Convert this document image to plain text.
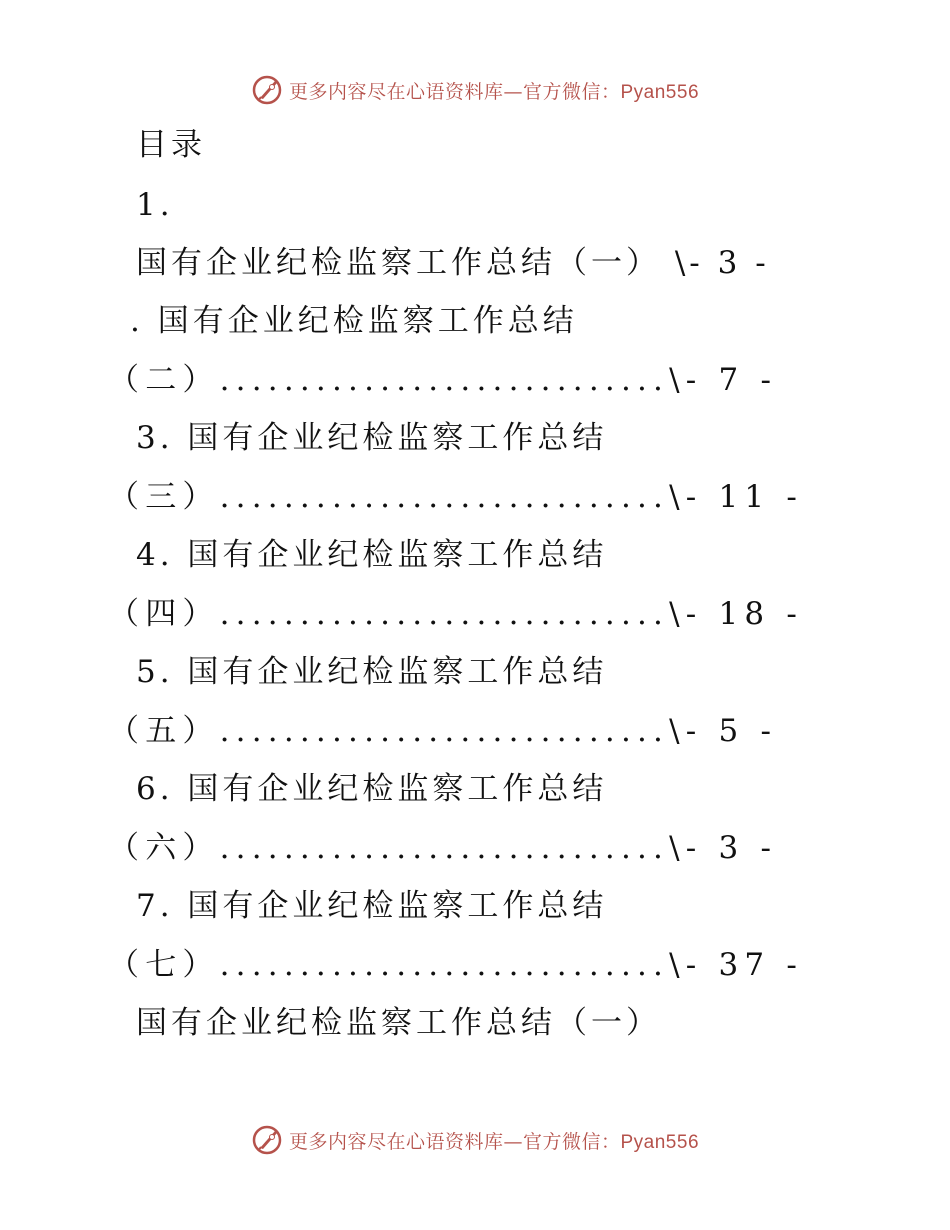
更多内容尽在心语资料库—官方微信：Pyan556
目录
1.
国有企业纪检监察工作总结（一） \- 3 -
. 国有企业纪检监察工作总结
（二）............................\- 7 -
3. 国有企业纪检监察工作总结
（三）............................\- 11 -
4. 国有企业纪检监察工作总结
（四）............................\- 18 -
5. 国有企业纪检监察工作总结
（五）............................\- 5 -
6. 国有企业纪检监察工作总结
（六）............................\- 3 -
7. 国有企业纪检监察工作总结
（七）............................\- 37 -
国有企业纪检监察工作总结（一）
更多内容尽在心语资料库—官方微信：Pyan556
